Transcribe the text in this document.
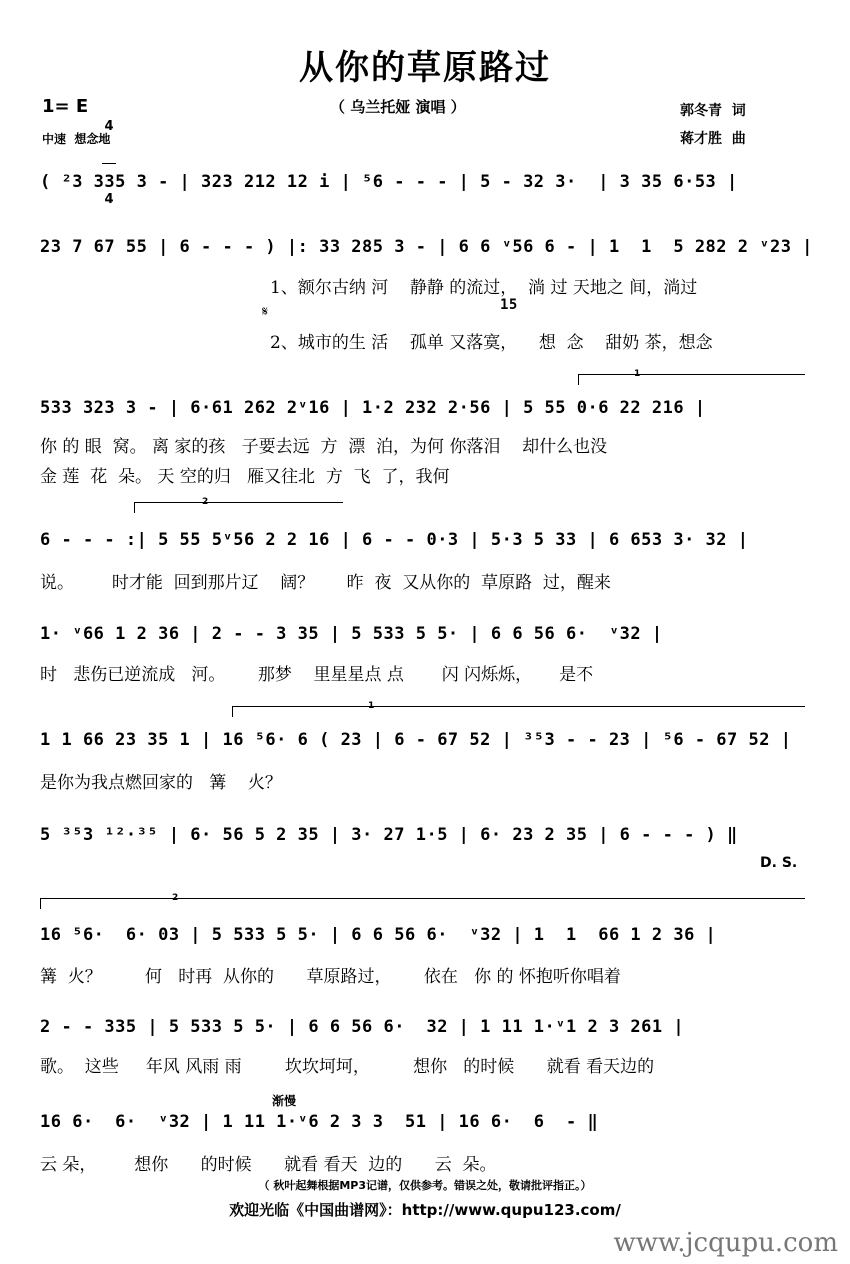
从你的草原路过
1= E

4

4

（ 乌兰托娅 演唱 ）
中速  想念地
郭冬青  词
蒋才胜  曲
( ²3 335 3 - | 323 212 12 i | ⁵6 - - - | 5 - 32 3·  | 3 35 6·53 |
23 7 67 55 | 6 - - - ) |: 33 285 3 - | 6 6 ᵛ56 6 - | 1  1  5 282 2 ᵛ23 |
1、额尔古纳 河    静静 的流过，  淌 过 天地之 间，淌过
𝄋	15
2、城市的生 活    孤单 又落寞，    想  念    甜奶 茶，想念
1
533 323 3 - | 6·61 262 2ᵛ16 | 1·2 232 2·56 | 5 55 0·6 22 216 |
你 的 眼  窝。 离 家的孩   子要去远  方  漂  泊，为何 你落泪    却什么也没
金 莲  花  朵。 天 空的归   雁又往北  方  飞  了，我何
2
6 - - - :| 5 55 5ᵛ56 2 2 16 | 6 - - 0·3 | 5·3 5 33 | 6 653 3· 32 |
说。       时才能  回到那片辽    阔？      昨  夜  又从你的  草原路  过，醒来
1· ᵛ66 1 2 36 | 2 - - 3 35 | 5 533 5 5· | 6 6 56 6·  ᵛ32 |
时   悲伤已逆流成   河。      那梦    里星星点 点       闪 闪烁烁，     是不
1
1 1 66 23 35 1 | 16 ⁵6· 6 ( 23 | 6 - 67 52 | ³⁵3 - - 23 | ⁵6 - 67 52 |
是你为我点燃回家的   篝    火？
5 ³⁵3 ¹²·³⁵ | 6· 56 5 2 35 | 3· 27 1·5 | 6· 23 2 35 | 6 - - - ) ‖
D. S.
2
16 ⁵6·  6· 03 | 5 533 5 5· | 6 6 56 6·  ᵛ32 | 1  1  66 1 2 36 |
篝  火？        何   时再  从你的      草原路过，      依在   你 的 怀抱听你唱着
2 - - 335 | 5 533 5 5· | 6 6 56 6·  32 | 1 11 1·ᵛ1 2 3 261 |
歌。  这些     年风 风雨 雨        坎坎坷坷，        想你   的时候      就看 看天边的
渐慢
16 6·  6·  ᵛ32 | 1 11 1·ᵛ6 2 3 3  51 | 16 6·  6  - ‖
云 朵，       想你      的时候      就看 看天  边的      云  朵。
（ 秋叶起舞根据MP3记谱，仅供参考。错误之处，敬请批评指正。）
欢迎光临《中国曲谱网》：http://www.qupu123.com/
www.jcqupu.com
